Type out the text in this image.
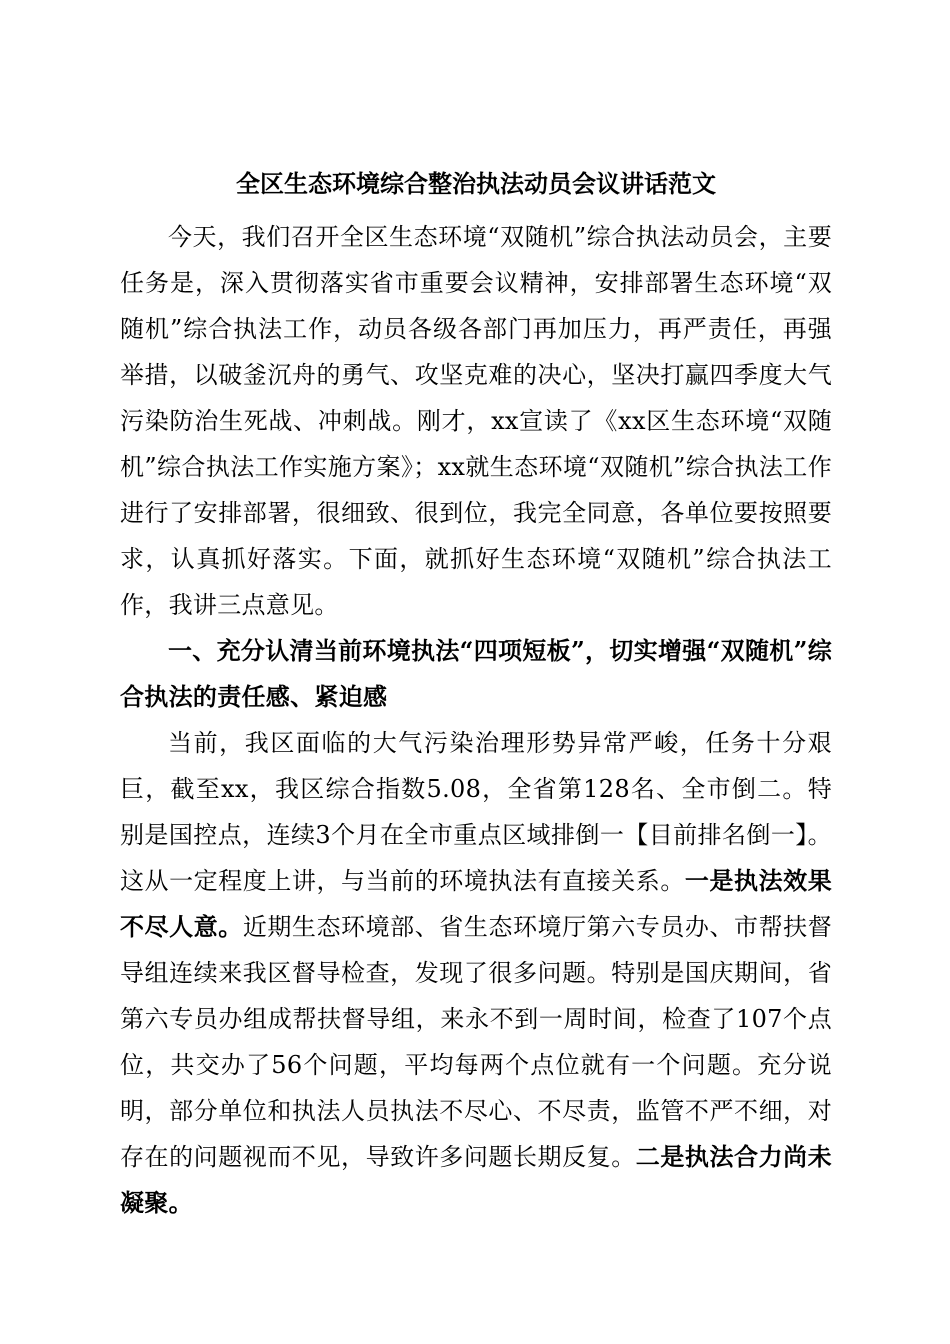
全区生态环境综合整治执法动员会议讲话范文

今天，我们召开全区生态环境“双随机”综合执法动员会，主要任务是，深入贯彻落实省市重要会议精神，安排部署生态环境“双随机”综合执法工作，动员各级各部门再加压力，再严责任，再强举措，以破釜沉舟的勇气、攻坚克难的决心，坚决打赢四季度大气污染防治生死战、冲刺战。刚才，xx宣读了《xx区生态环境“双随机”综合执法工作实施方案》；xx就生态环境“双随机”综合执法工作进行了安排部署，很细致、很到位，我完全同意，各单位要按照要求，认真抓好落实。下面，就抓好生态环境“双随机”综合执法工作，我讲三点意见。

一、充分认清当前环境执法“四项短板”，切实增强“双随机”综合执法的责任感、紧迫感

当前，我区面临的大气污染治理形势异常严峻，任务十分艰巨，截至xx，我区综合指数5.08，全省第128名、全市倒二。特别是国控点，连续3个月在全市重点区域排倒一【目前排名倒一】。这从一定程度上讲，与当前的环境执法有直接关系。一是执法效果不尽人意。近期生态环境部、省生态环境厅第六专员办、市帮扶督导组连续来我区督导检查，发现了很多问题。特别是国庆期间，省第六专员办组成帮扶督导组，来永不到一周时间，检查了107个点位，共交办了56个问题，平均每两个点位就有一个问题。充分说明，部分单位和执法人员执法不尽心、不尽责，监管不严不细，对存在的问题视而不见，导致许多问题长期反复。二是执法合力尚未凝聚。
